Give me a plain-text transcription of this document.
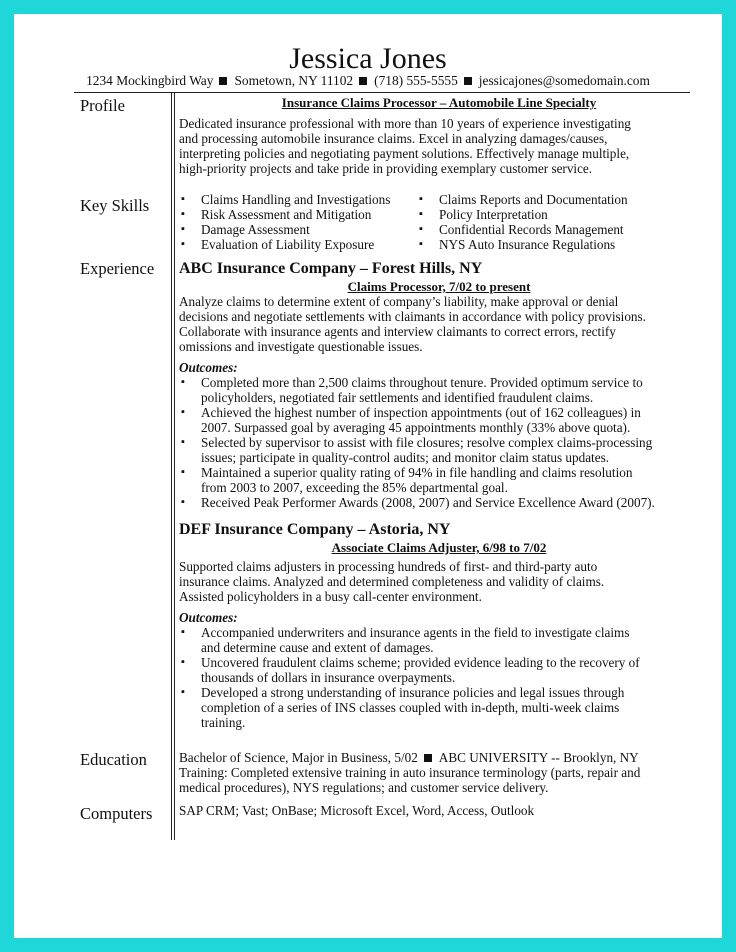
Jessica Jones
1234 Mockingbird Way Sometown, NY 11102 (718) 555-5555 jessicajones@somedomain.com
Profile
Key Skills
Experience
Education
Computers
Insurance Claims Processor – Automobile Line Specialty
Dedicated insurance professional with more than 10 years of experience investigating
and processing automobile insurance claims. Excel in analyzing damages/causes,
interpreting policies and negotiating payment solutions. Effectively manage multiple,
high-priority projects and take pride in providing exemplary customer service.
▪ Claims Handling and Investigations
▪ Risk Assessment and Mitigation
▪ Damage Assessment
▪ Evaluation of Liability Exposure
▪ Claims Reports and Documentation
▪ Policy Interpretation
▪ Confidential Records Management
▪ NYS Auto Insurance Regulations
ABC Insurance Company – Forest Hills, NY
Claims Processor, 7/02 to present
Analyze claims to determine extent of company’s liability, make approval or denial
decisions and negotiate settlements with claimants in accordance with policy provisions.
Collaborate with insurance agents and interview claimants to correct errors, rectify
omissions and investigate questionable issues.
Outcomes:
▪ Completed more than 2,500 claims throughout tenure. Provided optimum service to
policyholders, negotiated fair settlements and identified fraudulent claims.
▪ Achieved the highest number of inspection appointments (out of 162 colleagues) in
2007. Surpassed goal by averaging 45 appointments monthly (33% above quota).
▪ Selected by supervisor to assist with file closures; resolve complex claims-processing
issues; participate in quality-control audits; and monitor claim status updates.
▪ Maintained a superior quality rating of 94% in file handling and claims resolution
from 2003 to 2007, exceeding the 85% departmental goal.
▪ Received Peak Performer Awards (2008, 2007) and Service Excellence Award (2007).
DEF Insurance Company – Astoria, NY
Associate Claims Adjuster, 6/98 to 7/02
Supported claims adjusters in processing hundreds of first- and third-party auto
insurance claims. Analyzed and determined completeness and validity of claims.
Assisted policyholders in a busy call-center environment.
Outcomes:
▪ Accompanied underwriters and insurance agents in the field to investigate claims
and determine cause and extent of damages.
▪ Uncovered fraudulent claims scheme; provided evidence leading to the recovery of
thousands of dollars in insurance overpayments.
▪ Developed a strong understanding of insurance policies and legal issues through
completion of a series of INS classes coupled with in-depth, multi-week claims
training.
Bachelor of Science, Major in Business, 5/02 ABC UNIVERSITY -- Brooklyn, NY
Training: Completed extensive training in auto insurance terminology (parts, repair and
medical procedures), NYS regulations; and customer service delivery.
SAP CRM; Vast; OnBase; Microsoft Excel, Word, Access, Outlook
